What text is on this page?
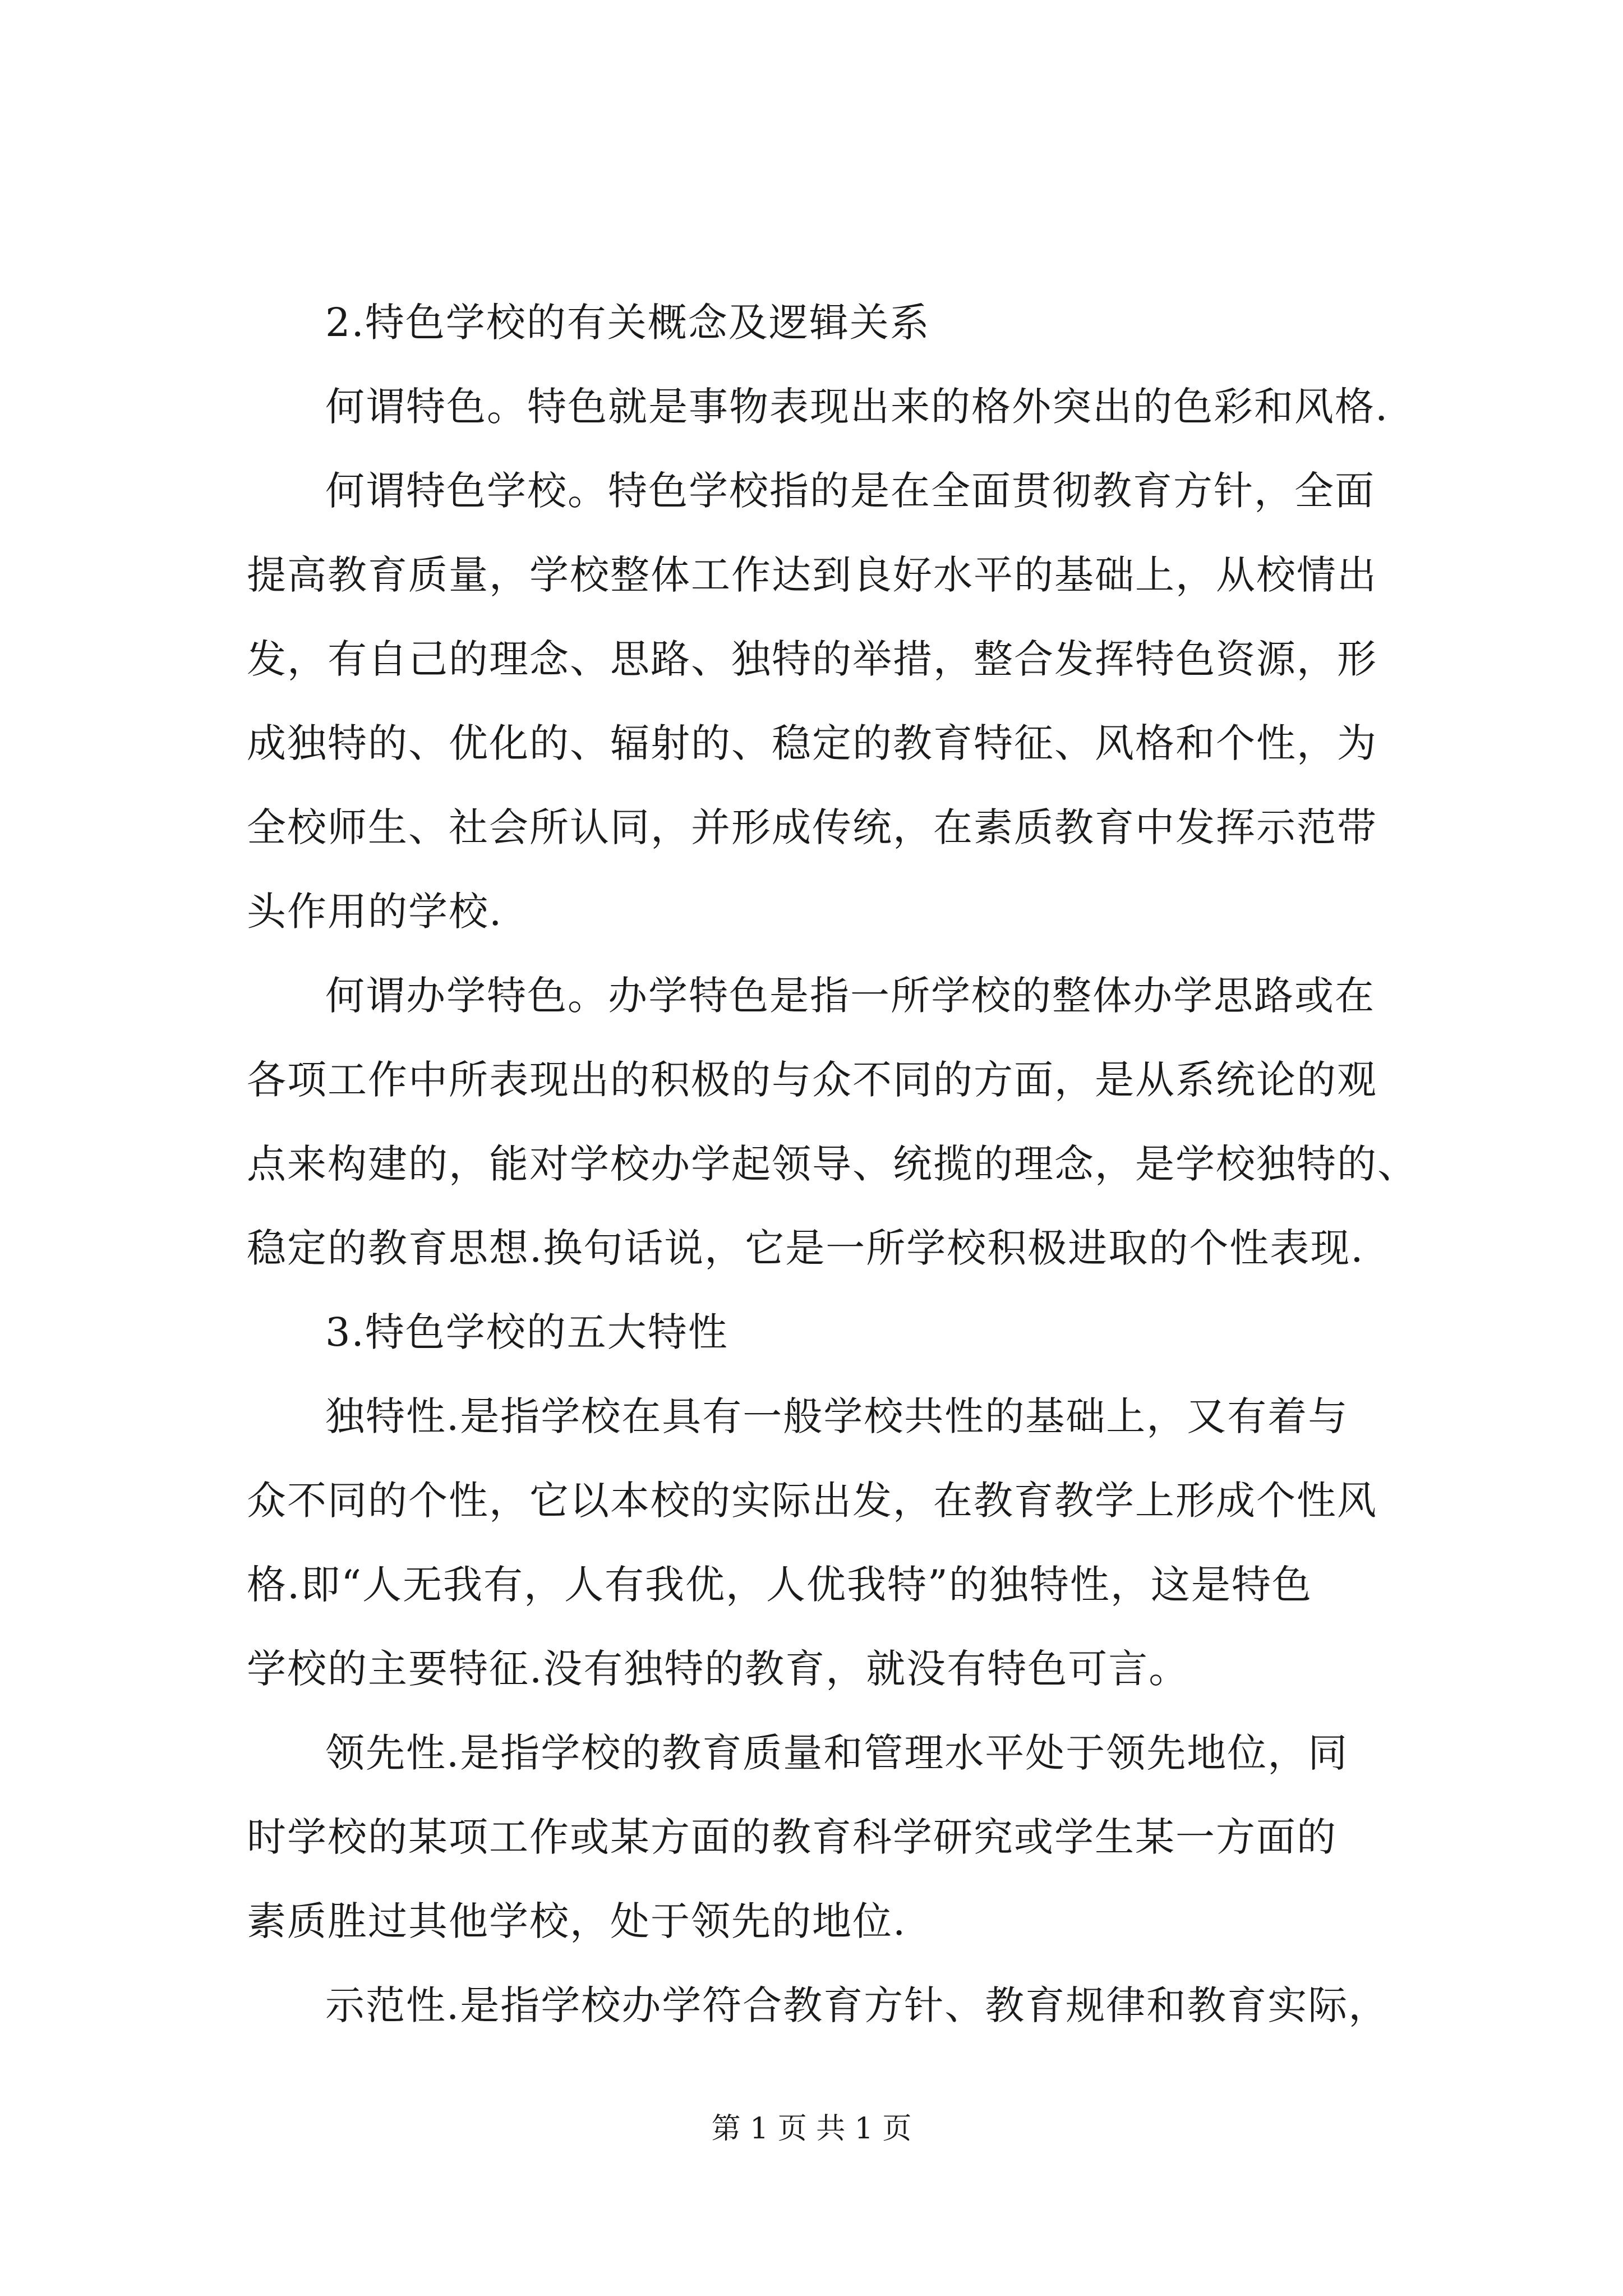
2.特色学校的有关概念及逻辑关系
何谓特色。特色就是事物表现出来的格外突出的色彩和风格.
何谓特色学校。特色学校指的是在全面贯彻教育方针，全面
提高教育质量，学校整体工作达到良好水平的基础上，从校情出
发，有自己的理念、思路、独特的举措，整合发挥特色资源，形
成独特的、优化的、辐射的、稳定的教育特征、风格和个性，为
全校师生、社会所认同，并形成传统，在素质教育中发挥示范带
头作用的学校.
何谓办学特色。办学特色是指一所学校的整体办学思路或在
各项工作中所表现出的积极的与众不同的方面，是从系统论的观
点来构建的，能对学校办学起领导、统揽的理念，是学校独特的、
稳定的教育思想.换句话说，它是一所学校积极进取的个性表现.
3.特色学校的五大特性
独特性.是指学校在具有一般学校共性的基础上，又有着与
众不同的个性，它以本校的实际出发，在教育教学上形成个性风
格.即“人无我有，人有我优，人优我特”的独特性，这是特色
学校的主要特征.没有独特的教育，就没有特色可言。
领先性.是指学校的教育质量和管理水平处于领先地位，同
时学校的某项工作或某方面的教育科学研究或学生某一方面的
素质胜过其他学校，处于领先的地位.
示范性.是指学校办学符合教育方针、教育规律和教育实际，
第 1 页 共 1 页
